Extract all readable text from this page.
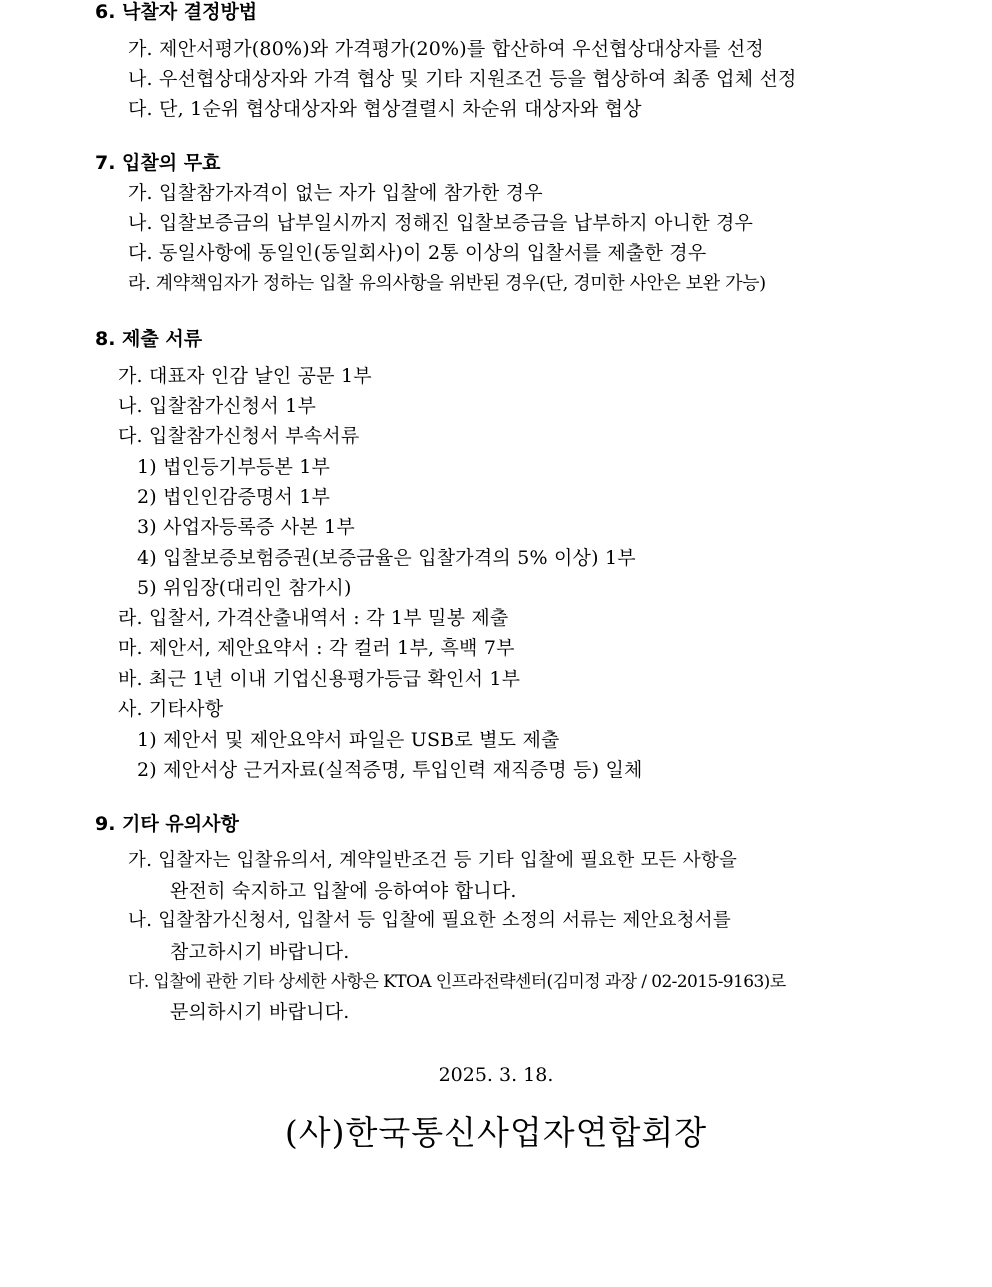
6. 낙찰자 결정방법
가. 제안서평가(80%)와 가격평가(20%)를 합산하여 우선협상대상자를 선정
나. 우선협상대상자와 가격 협상 및 기타 지원조건 등을 협상하여 최종 업체 선정
다. 단, 1순위 협상대상자와 협상결렬시 차순위 대상자와 협상
7. 입찰의 무효
가. 입찰참가자격이 없는 자가 입찰에 참가한 경우
나. 입찰보증금의 납부일시까지 정해진 입찰보증금을 납부하지 아니한 경우
다. 동일사항에 동일인(동일회사)이 2통 이상의 입찰서를 제출한 경우
라. 계약책임자가 정하는 입찰 유의사항을 위반된 경우(단, 경미한 사안은 보완 가능)
8. 제출 서류
가. 대표자 인감 날인 공문 1부
나. 입찰참가신청서 1부
다. 입찰참가신청서 부속서류
1) 법인등기부등본 1부
2) 법인인감증명서 1부
3) 사업자등록증 사본 1부
4) 입찰보증보험증권(보증금율은 입찰가격의 5% 이상) 1부
5) 위임장(대리인 참가시)
라. 입찰서, 가격산출내역서 : 각 1부 밀봉 제출
마. 제안서, 제안요약서 : 각 컬러 1부, 흑백 7부
바. 최근 1년 이내 기업신용평가등급 확인서 1부
사. 기타사항
1) 제안서 및 제안요약서 파일은 USB로 별도 제출
2) 제안서상 근거자료(실적증명, 투입인력 재직증명 등) 일체
9. 기타 유의사항
가. 입찰자는 입찰유의서, 계약일반조건 등 기타 입찰에 필요한 모든 사항을
완전히 숙지하고 입찰에 응하여야 합니다.
나. 입찰참가신청서, 입찰서 등 입찰에 필요한 소정의 서류는 제안요청서를
참고하시기 바랍니다.
다. 입찰에 관한 기타 상세한 사항은 KTOA 인프라전략센터(김미정 과장 / 02-2015-9163)로
문의하시기 바랍니다.
2025. 3. 18.
(사)한국통신사업자연합회장
